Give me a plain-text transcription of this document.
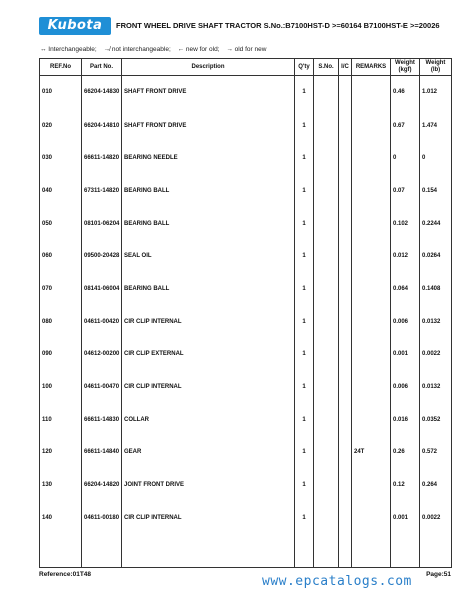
Kubota	FRONT WHEEL DRIVE SHAFT TRACTOR S.No.:B7100HST-D >=60164 B7100HST-E >=20026
↔ Interchangeable; ↛ not interchangeable; ← new for old; → old for new
REF.No	Part No.	Description	Q'ty	S.No.	I/C	REMARKS	Weight (kgf)	Weight (lb)
010	66204-14830	SHAFT FRONT DRIVE	1				0.46	1.012
020	66204-14810	SHAFT FRONT DRIVE	1				0.67	1.474
030	66611-14820	BEARING NEEDLE	1				0	0
040	67311-14820	BEARING BALL	1				0.07	0.154
050	08101-06204	BEARING BALL	1				0.102	0.2244
060	09500-20428	SEAL OIL	1				0.012	0.0264
070	08141-06004	BEARING BALL	1				0.064	0.1408
080	04611-00420	CIR CLIP INTERNAL	1				0.006	0.0132
090	04612-00200	CIR CLIP EXTERNAL	1				0.001	0.0022
100	04611-00470	CIR CLIP INTERNAL	1				0.006	0.0132
110	66611-14830	COLLAR	1				0.016	0.0352
120	66611-14840	GEAR	1			24T	0.26	0.572
130	66204-14820	JOINT FRONT DRIVE	1				0.12	0.264
140	04611-00180	CIR CLIP INTERNAL	1				0.001	0.0022

Reference:01T48	www.epcatalogs.com Page:51
